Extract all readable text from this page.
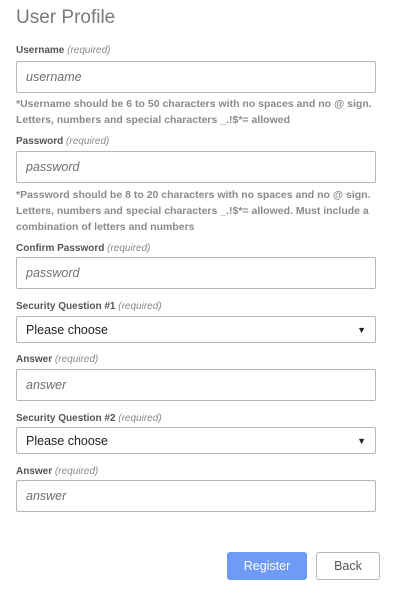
User Profile
Username (required)
username
*Username should be 6 to 50 characters with no spaces and no @ sign. Letters, numbers and special characters _.!$*= allowed
Password (required)
*Password should be 8 to 20 characters with no spaces and no @ sign. Letters, numbers and special characters _.!$*= allowed. Must include a combination of letters and numbers
Confirm Password (required)
Security Question #1 (required)
Please choose	▼
Answer (required)
answer
Security Question #2 (required)
Please choose	▼
Answer (required)
answer
Register	Back
